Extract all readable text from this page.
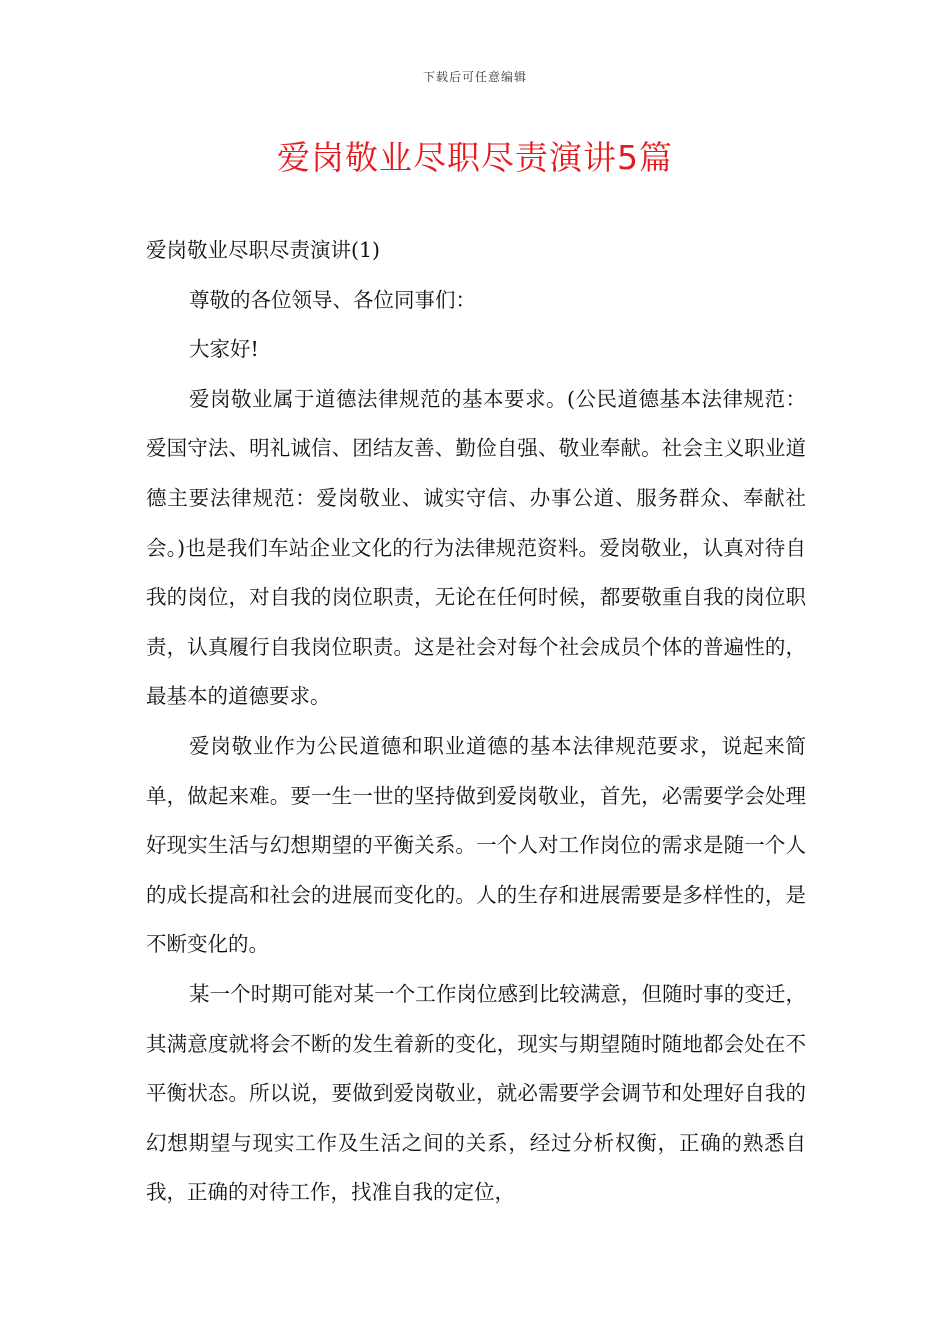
下载后可任意编辑
爱岗敬业尽职尽责演讲5篇

爱岗敬业尽职尽责演讲(1)

尊敬的各位领导、各位同事们：

大家好!

爱岗敬业属于道德法律规范的基本要求。(公民道德基本法律规范：爱国守法、明礼诚信、团结友善、勤俭自强、敬业奉献。社会主义职业道德主要法律规范：爱岗敬业、诚实守信、办事公道、服务群众、奉献社会。)也是我们车站企业文化的行为法律规范资料。爱岗敬业，认真对待自我的岗位，对自我的岗位职责，无论在任何时候，都要敬重自我的岗位职责，认真履行自我岗位职责。这是社会对每个社会成员个体的普遍性的，最基本的道德要求。

爱岗敬业作为公民道德和职业道德的基本法律规范要求，说起来简单，做起来难。要一生一世的坚持做到爱岗敬业，首先，必需要学会处理好现实生活与幻想期望的平衡关系。一个人对工作岗位的需求是随一个人的成长提高和社会的进展而变化的。人的生存和进展需要是多样性的，是不断变化的。

某一个时期可能对某一个工作岗位感到比较满意，但随时事的变迁，其满意度就将会不断的发生着新的变化，现实与期望随时随地都会处在不平衡状态。所以说，要做到爱岗敬业，就必需要学会调节和处理好自我的幻想期望与现实工作及生活之间的关系，经过分析权衡，正确的熟悉自我，正确的对待工作，找准自我的定位，
